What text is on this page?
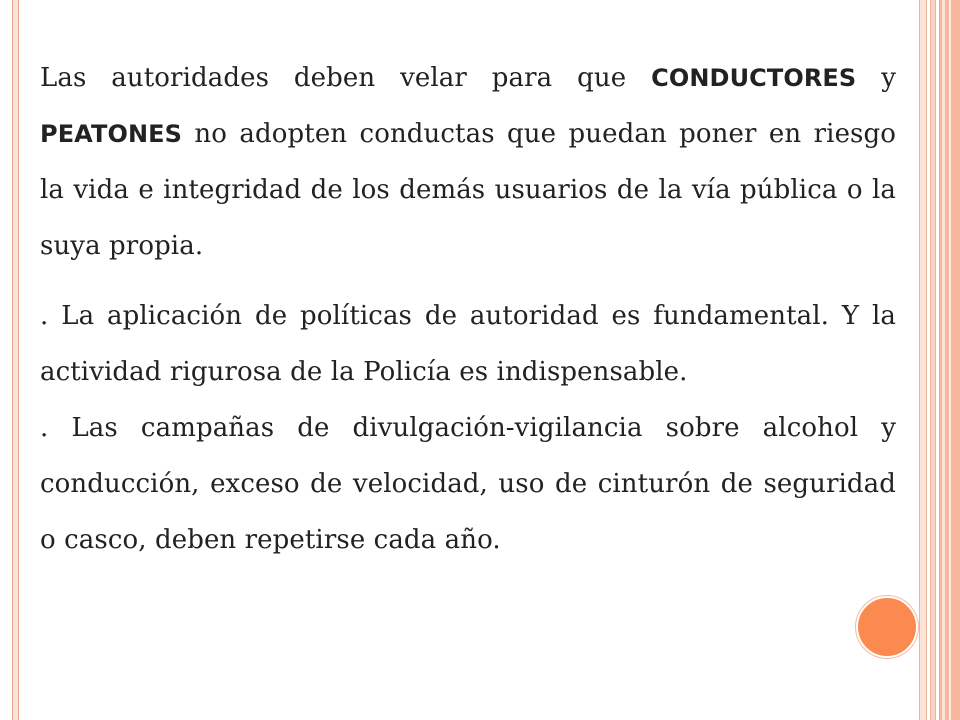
Las autoridades deben velar para que CONDUCTORES y PEATONES no adopten conductas que puedan poner en riesgo la vida e integridad de los demás usuarios de la vía pública o la suya propia.

. La aplicación de políticas de autoridad es fundamental. Y la actividad rigurosa de la Policía es indispensable.

. Las campañas de divulgación-vigilancia sobre alcohol y conducción, exceso de velocidad, uso de cinturón de seguridad o casco, deben repetirse cada año.
